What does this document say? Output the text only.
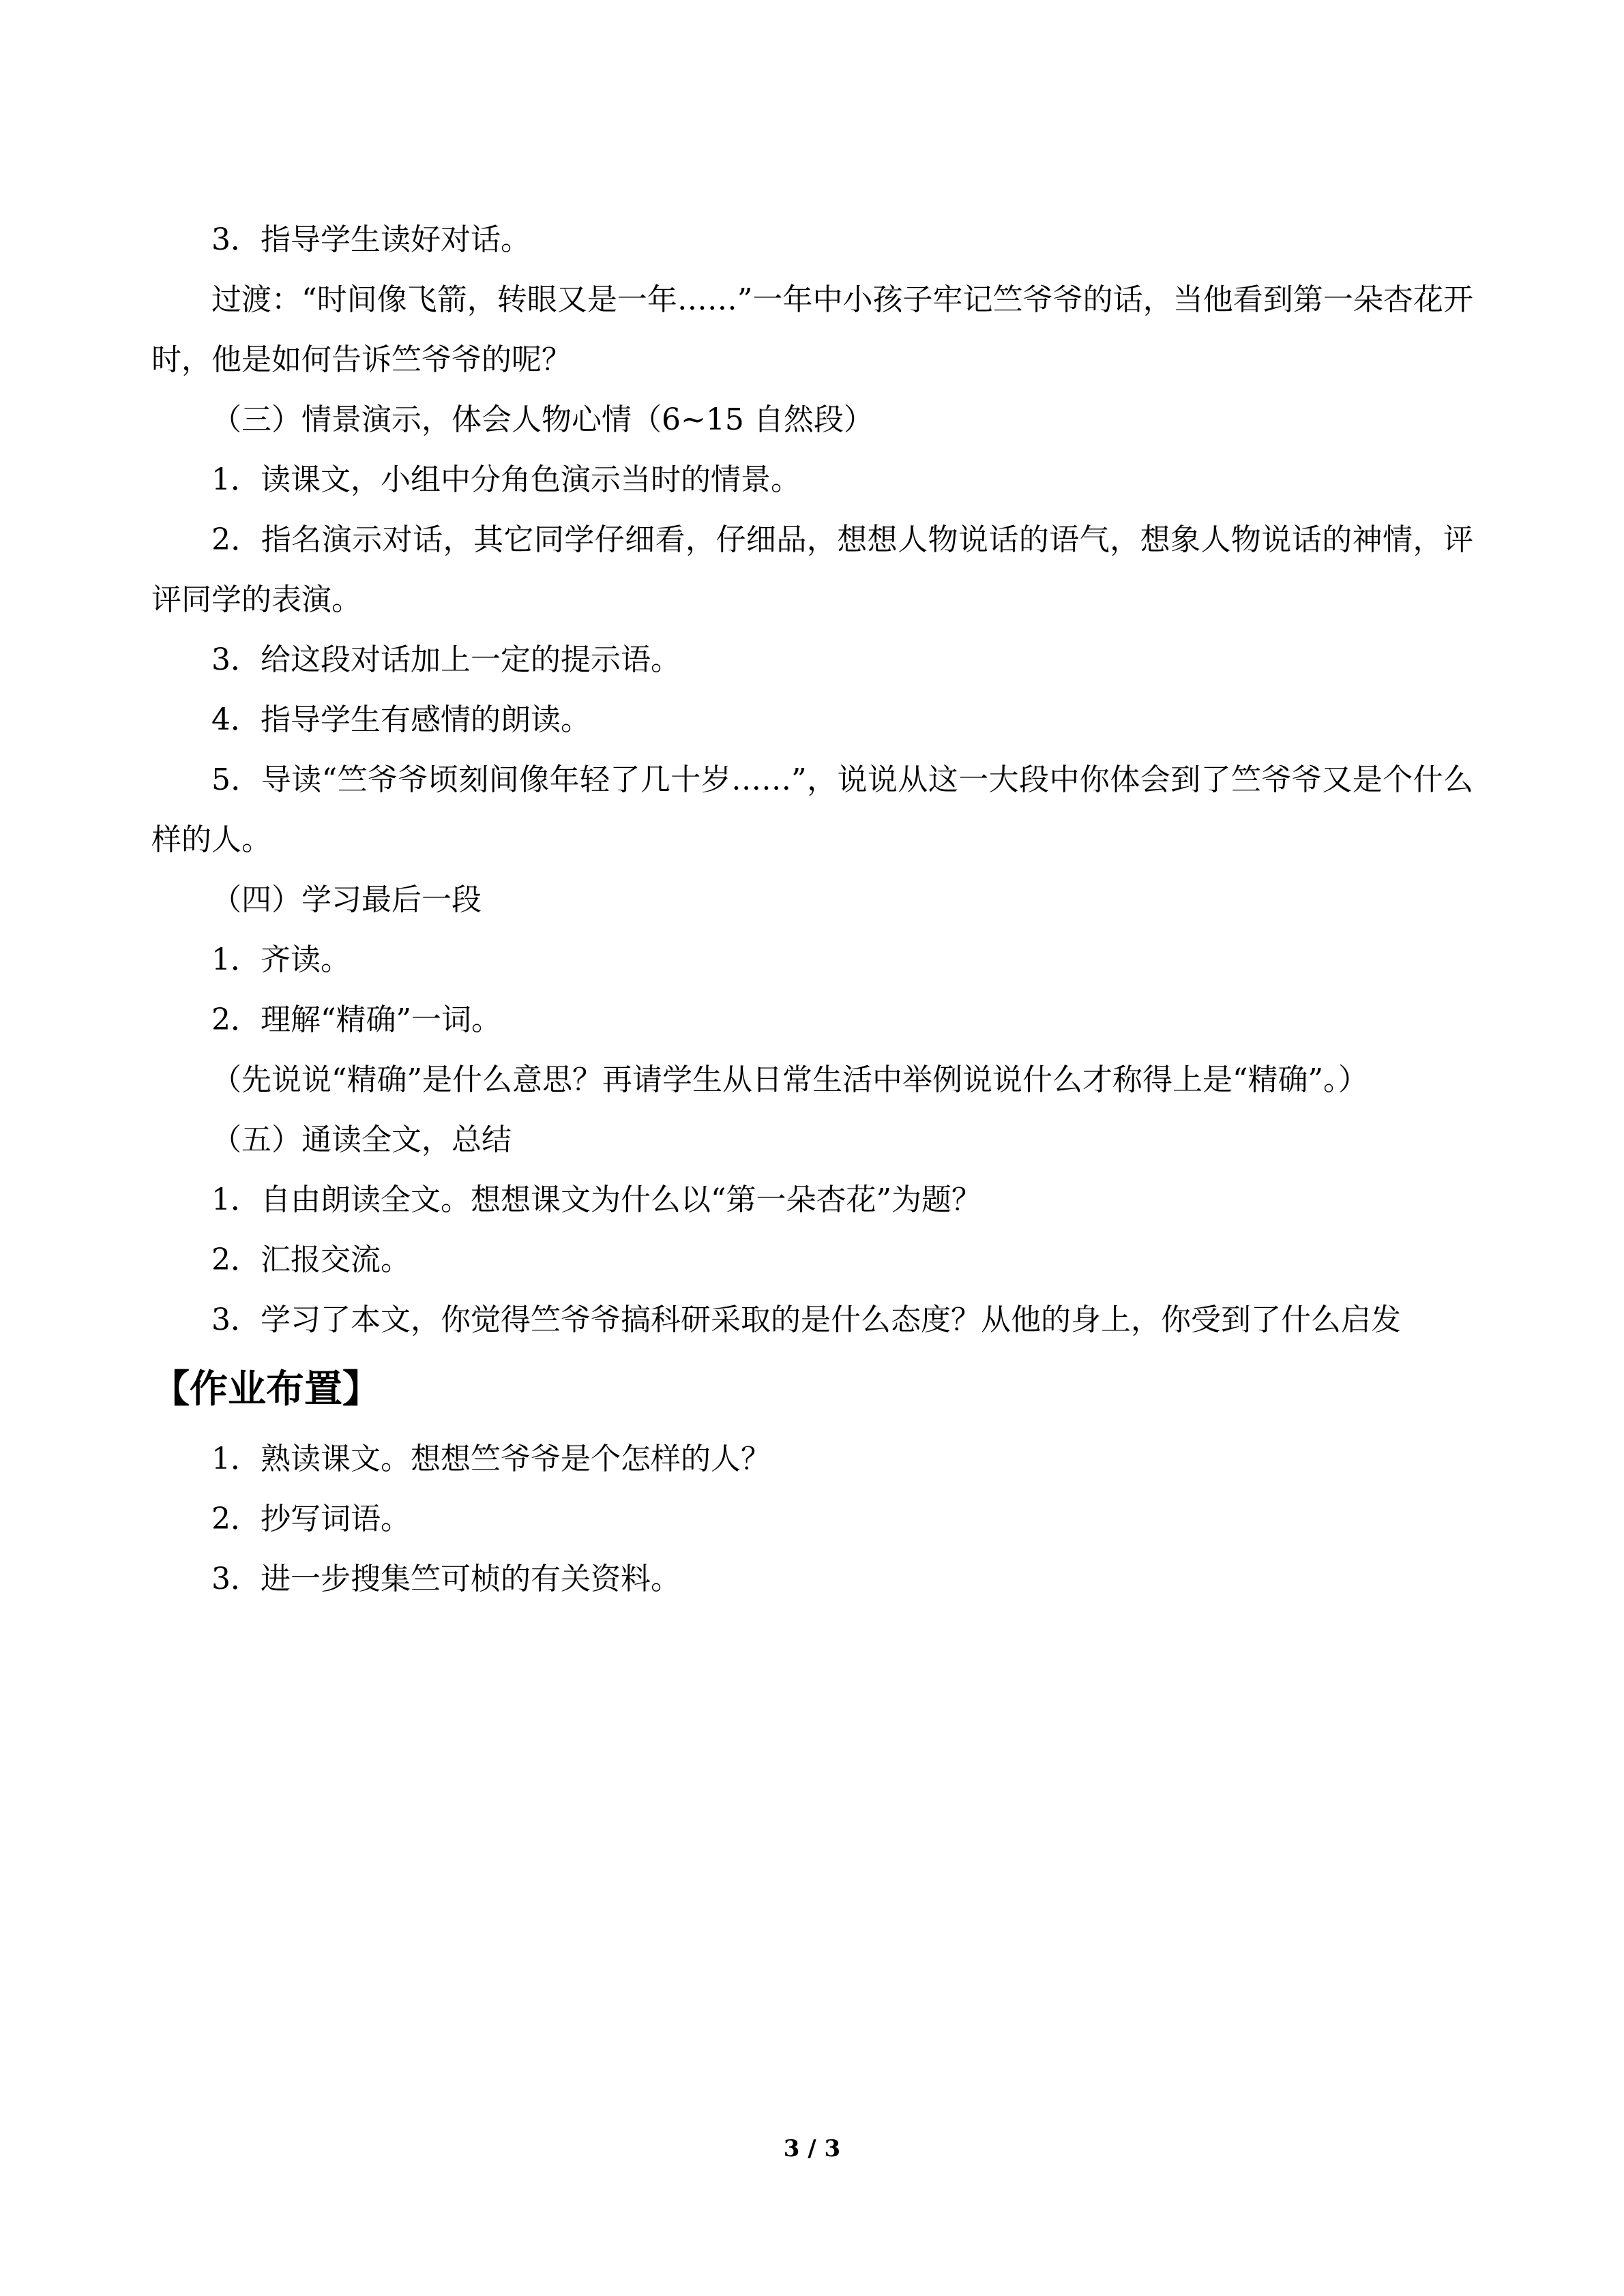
3．指导学生读好对话。

过渡：“时间像飞箭，转眼又是一年……”一年中小孩子牢记竺爷爷的话，当他看到第一朵杏花开时，他是如何告诉竺爷爷的呢？

（三）情景演示，体会人物心情（6~15 自然段）

1．读课文，小组中分角色演示当时的情景。

2．指名演示对话，其它同学仔细看，仔细品，想想人物说话的语气，想象人物说话的神情，评评同学的表演。

3．给这段对话加上一定的提示语。

4．指导学生有感情的朗读。

5．导读“竺爷爷顷刻间像年轻了几十岁……”，说说从这一大段中你体会到了竺爷爷又是个什么样的人。

（四）学习最后一段

1．齐读。

2．理解“精确”一词。

（先说说“精确”是什么意思？再请学生从日常生活中举例说说什么才称得上是“精确”。）

（五）通读全文，总结

1．自由朗读全文。想想课文为什么以“第一朵杏花”为题？

2．汇报交流。

3．学习了本文，你觉得竺爷爷搞科研采取的是什么态度？从他的身上，你受到了什么启发

【作业布置】

1．熟读课文。想想竺爷爷是个怎样的人？

2．抄写词语。

3．进一步搜集竺可桢的有关资料。

3 / 3
